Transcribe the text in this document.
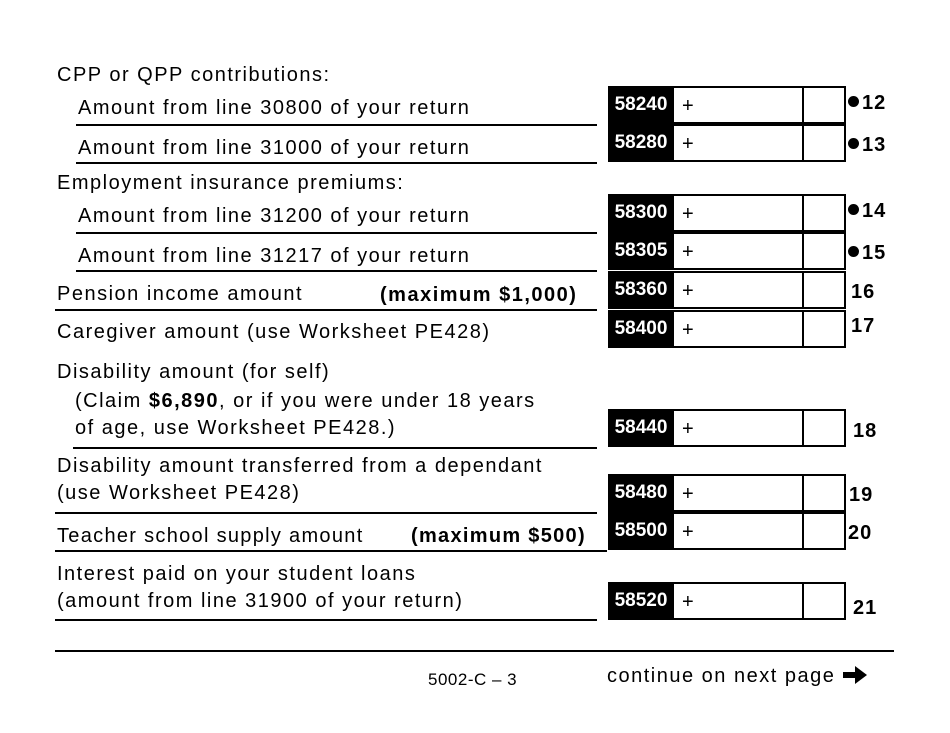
CPP or QPP contributions:
Amount from line 30800 of your return	58240 +	12
Amount from line 31000 of your return	58280 +	13
Employment insurance premiums:
Amount from line 31200 of your return	58300 +	14
Amount from line 31217 of your return	58305 +	15
Pension income amount	(maximum $1,000)	58360 +	16
Caregiver amount (use Worksheet PE428)	58400 +	17
Disability amount (for self)
(Claim $6,890, or if you were under 18 years
of age, use Worksheet PE428.)	58440 +	18
Disability amount transferred from a dependant
(use Worksheet PE428)	58480 +	19
Teacher school supply amount (maximum $500)	58500 +	20
Interest paid on your student loans
(amount from line 31900 of your return)	58520 +	21
5002-C – 3	continue on next page
